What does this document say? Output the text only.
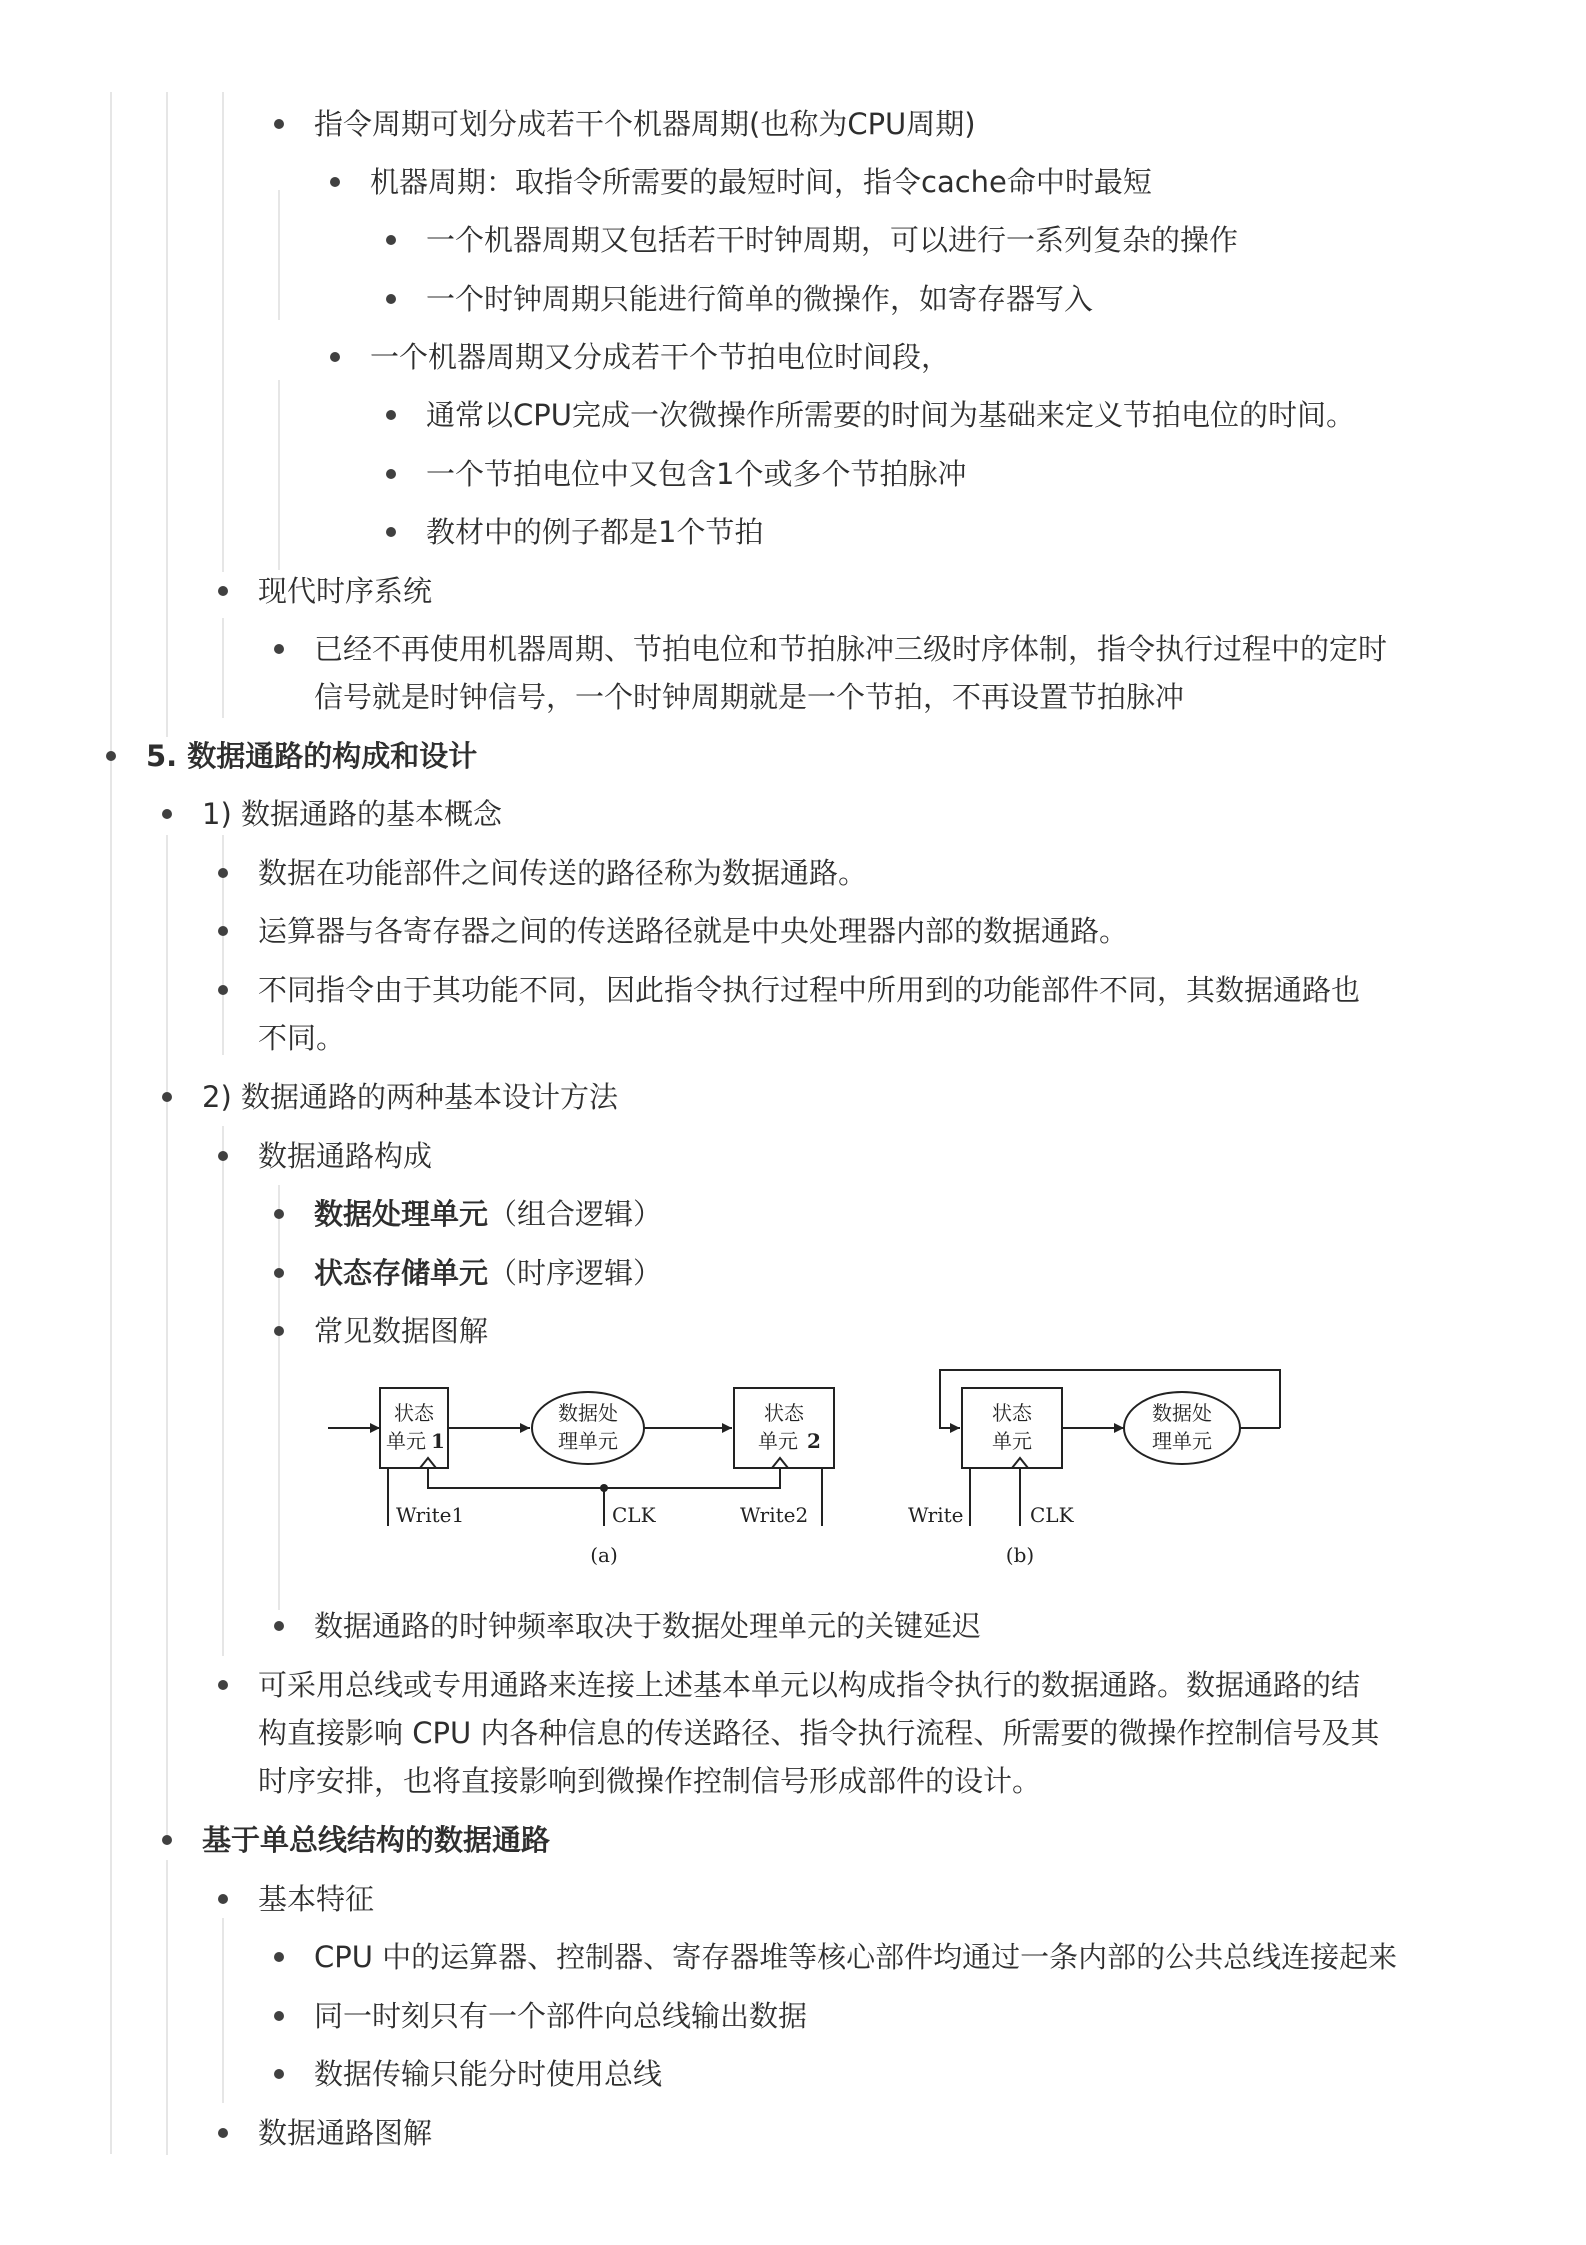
指令周期可划分成若干个机器周期(也称为CPU周期)
机器周期：取指令所需要的最短时间，指令cache命中时最短
一个机器周期又包括若干时钟周期，可以进行一系列复杂的操作
一个时钟周期只能进行简单的微操作，如寄存器写入
一个机器周期又分成若干个节拍电位时间段，
通常以CPU完成一次微操作所需要的时间为基础来定义节拍电位的时间。
一个节拍电位中又包含1个或多个节拍脉冲
教材中的例子都是1个节拍
现代时序系统
已经不再使用机器周期、节拍电位和节拍脉冲三级时序体制，指令执行过程中的定时
信号就是时钟信号，一个时钟周期就是一个节拍，不再设置节拍脉冲
5. 数据通路的构成和设计
1) 数据通路的基本概念
数据在功能部件之间传送的路径称为数据通路。
运算器与各寄存器之间的传送路径就是中央处理器内部的数据通路。
不同指令由于其功能不同，因此指令执行过程中所用到的功能部件不同，其数据通路也
不同。
2) 数据通路的两种基本设计方法
数据通路构成
数据处理单元（组合逻辑）
状态存储单元（时序逻辑）
常见数据图解
状态
单元 1
数据处
理单元
状态
单元 2
Write1	CLK	Write2
(a)
状态
单元
数据处
理单元
Write	CLK
(b)
数据通路的时钟频率取决于数据处理单元的关键延迟
可采用总线或专用通路来连接上述基本单元以构成指令执行的数据通路。数据通路的结
构直接影响 CPU 内各种信息的传送路径、指令执行流程、所需要的微操作控制信号及其
时序安排，也将直接影响到微操作控制信号形成部件的设计。
基于单总线结构的数据通路
基本特征
CPU 中的运算器、控制器、寄存器堆等核心部件均通过一条内部的公共总线连接起来
同一时刻只有一个部件向总线输出数据
数据传输只能分时使用总线
数据通路图解
